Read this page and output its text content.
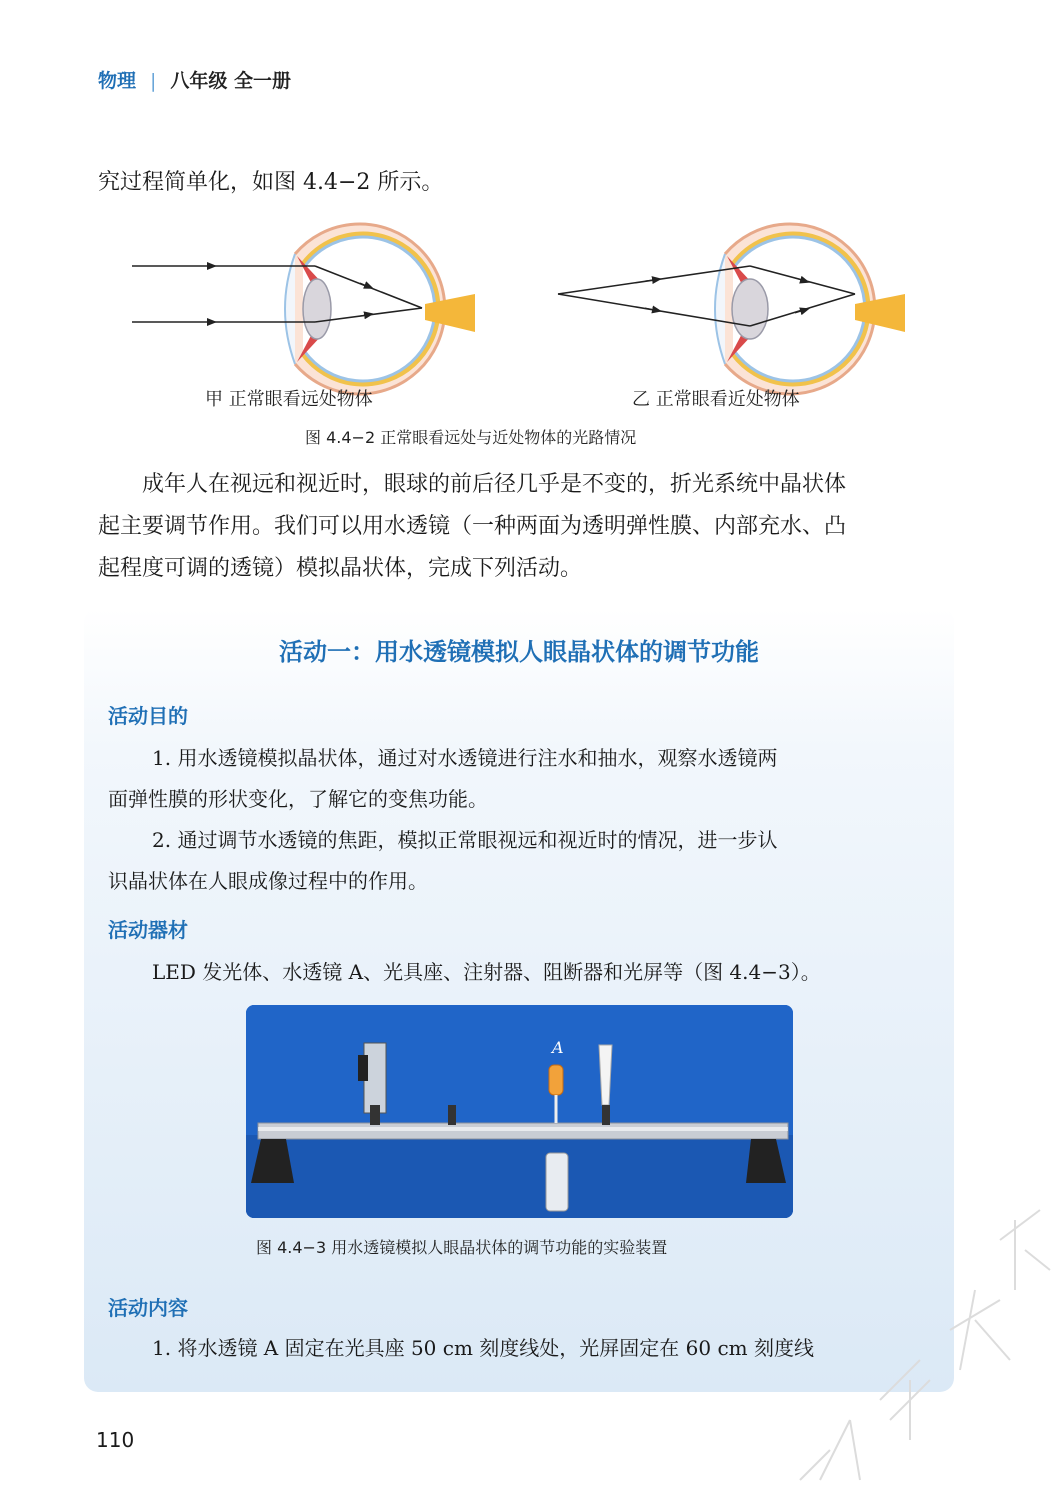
物理 | 八年级 全一册
究过程简单化，如图 4.4−2 所示。
甲 正常眼看远处物体	乙 正常眼看近处物体
图 4.4−2 正常眼看远处与近处物体的光路情况
成年人在视远和视近时，眼球的前后径几乎是不变的，折光系统中晶状体
起主要调节作用。我们可以用水透镜（一种两面为透明弹性膜、内部充水、凸
起程度可调的透镜）模拟晶状体，完成下列活动。
活动一：用水透镜模拟人眼晶状体的调节功能
活动目的
1. 用水透镜模拟晶状体，通过对水透镜进行注水和抽水，观察水透镜两
面弹性膜的形状变化，了解它的变焦功能。
2. 通过调节水透镜的焦距，模拟正常眼视远和视近时的情况，进一步认
识晶状体在人眼成像过程中的作用。
活动器材
LED 发光体、水透镜 A、光具座、注射器、阻断器和光屏等（图 4.4−3）。
A
图 4.4−3 用水透镜模拟人眼晶状体的调节功能的实验装置
活动内容
1. 将水透镜 A 固定在光具座 50 cm 刻度线处，光屏固定在 60 cm 刻度线
110
